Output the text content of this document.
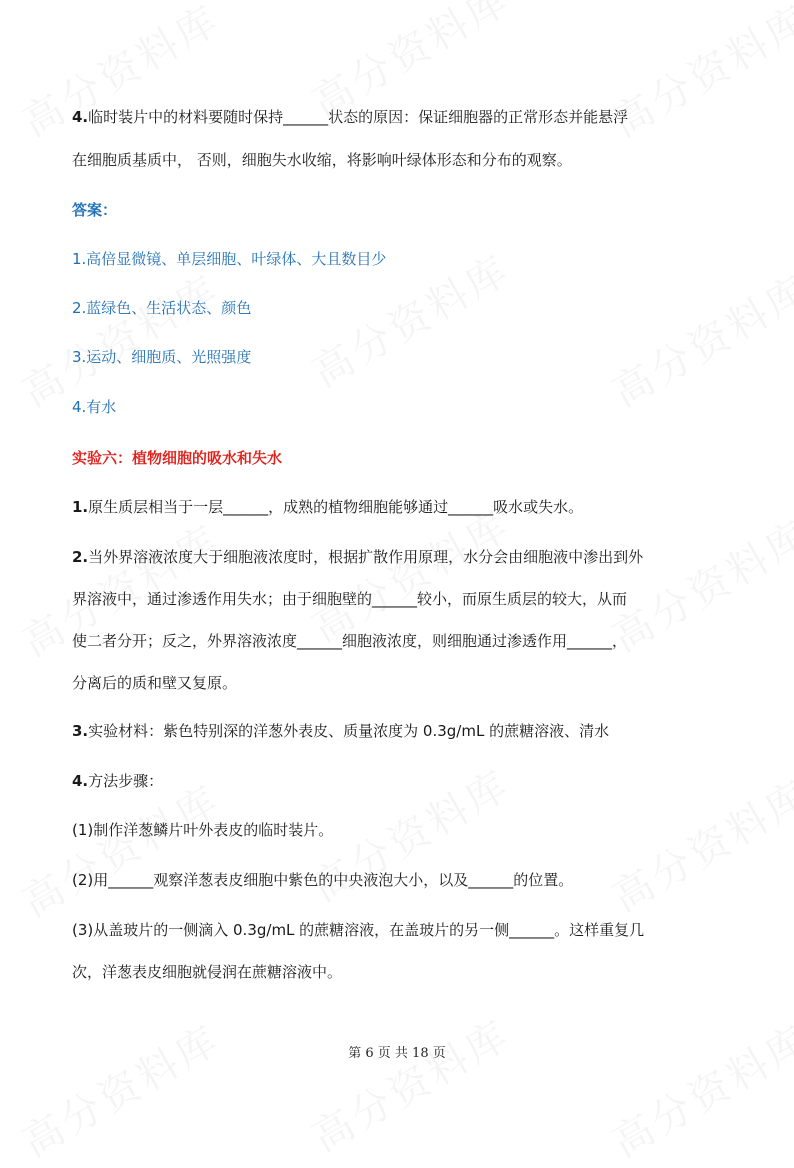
4.临时装片中的材料要随时保持______状态的原因：保证细胞器的正常形态并能悬浮

在细胞质基质中， 否则，细胞失水收缩，将影响叶绿体形态和分布的观察。

答案：

1.高倍显微镜、单层细胞、叶绿体、大且数目少

2.蓝绿色、生活状态、颜色

3.运动、细胞质、光照强度

4.有水

实验六：植物细胞的吸水和失水

1.原生质层相当于一层______，成熟的植物细胞能够通过______吸水或失水。

2.当外界溶液浓度大于细胞液浓度时，根据扩散作用原理，水分会由细胞液中渗出到外

界溶液中，通过渗透作用失水；由于细胞壁的______较小，而原生质层的较大，从而

使二者分开；反之，外界溶液浓度______细胞液浓度，则细胞通过渗透作用______，

分离后的质和壁又复原。

3.实验材料：紫色特别深的洋葱外表皮、质量浓度为 0.3g/mL 的蔗糖溶液、清水

4.方法步骤：

(1)制作洋葱鳞片叶外表皮的临时装片。

(2)用______观察洋葱表皮细胞中紫色的中央液泡大小，以及______的位置。

(3)从盖玻片的一侧滴入 0.3g/mL 的蔗糖溶液，在盖玻片的另一侧______。这样重复几

次，洋葱表皮细胞就侵润在蔗糖溶液中。

第 6 页 共 18 页
